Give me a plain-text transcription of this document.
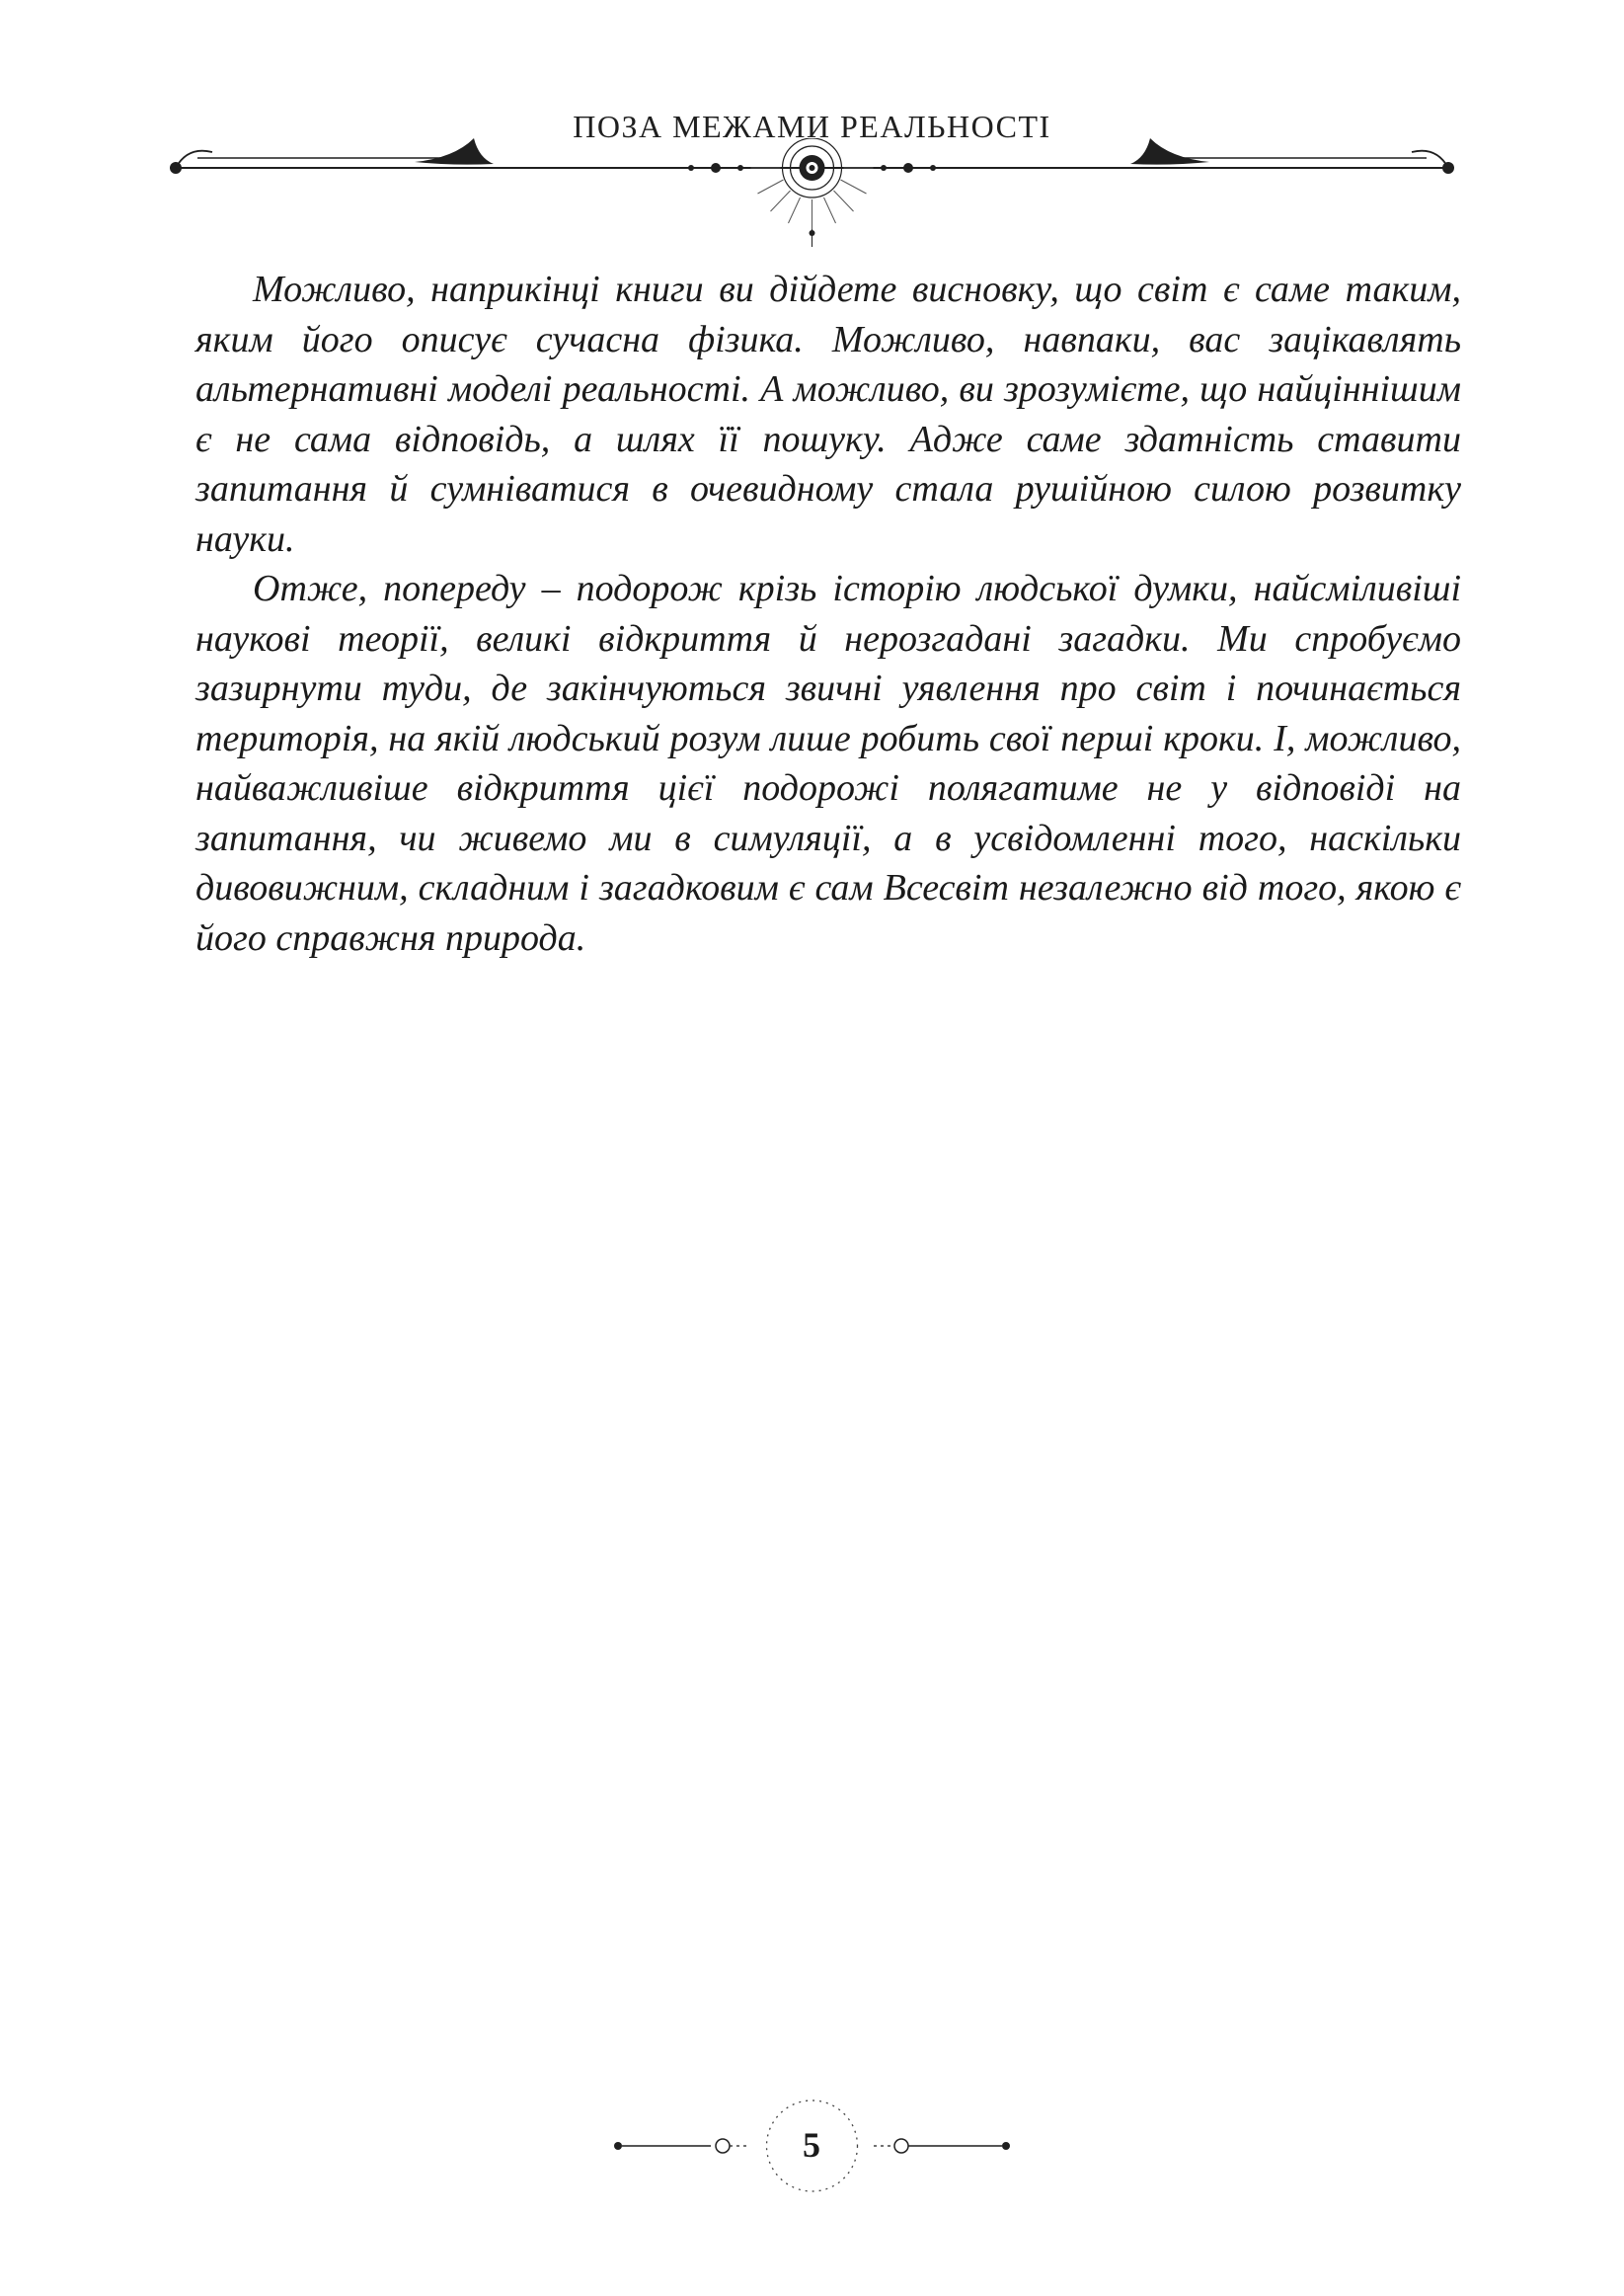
ПОЗА МЕЖАМИ РЕАЛЬНОСТІ

Можливо, наприкінці книги ви дійдете висновку, що світ є саме таким, яким його описує сучасна фізика. Можливо, навпаки, вас зацікавлять альтернативні моделі реальності. А можливо, ви зрозумієте, що найціннішим є не сама відповідь, а шлях її пошуку. Адже саме здатність ставити запитання й сумніватися в очевидному стала рушійною силою розвитку науки.

Отже, попереду – подорож крізь історію людської думки, найсміливіші наукові теорії, великі відкриття й нерозгадані загадки. Ми спробуємо зазирнути туди, де закінчуються звичні уявлення про світ і починається територія, на якій людський розум лише робить свої перші кроки. І, можливо, найважливіше відкриття цієї подорожі полягатиме не у відповіді на запитання, чи живемо ми в симуляції, а в усвідомленні того, наскільки дивовижним, складним і загадковим є сам Всесвіт незалежно від того, якою є його справжня природа.

5
